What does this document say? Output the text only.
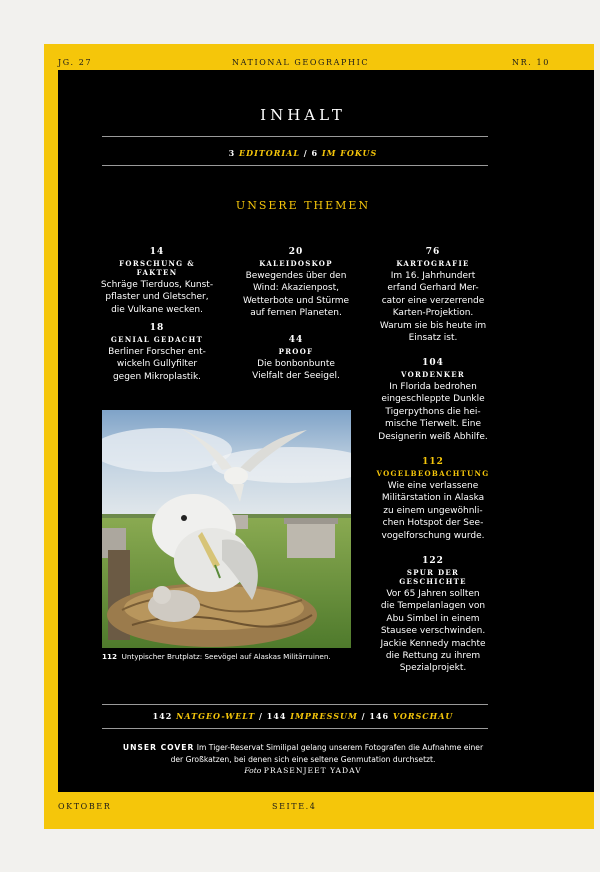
JG. 27	NATIONAL GEOGRAPHIC	NR. 10
INHALT
3 EDITORIAL / 6 IM FOKUS
UNSERE THEMEN
14
FORSCHUNG & FAKTEN
Schräge Tierduos, Kunst-
pflaster und Gletscher,
die Vulkane wecken.
18
GENIAL GEDACHT
Berliner Forscher ent-
wickeln Gullyfilter
gegen Mikroplastik.
20
KALEIDOSKOP
Bewegendes über den
Wind: Akazienpost,
Wetterbote und Stürme
auf fernen Planeten.
44
PROOF
Die bonbonbunte
Vielfalt der Seeigel.
76
KARTOGRAFIE
Im 16. Jahrhundert
erfand Gerhard Mer-
cator eine verzerrende
Karten-Projektion.
Warum sie bis heute im
Einsatz ist.
104
VORDENKER
In Florida bedrohen
eingeschleppte Dunkle
Tigerpythons die hei-
mische Tierwelt. Eine
Designerin weiß Abhilfe.
112
VOGELBEOBACHTUNG
Wie eine verlassene
Militärstation in Alaska
zu einem ungewöhnli-
chen Hotspot der See-
vogelforschung wurde.
122
SPUR DER GESCHICHTE
Vor 65 Jahren sollten
die Tempelanlagen von
Abu Simbel in einem
Stausee verschwinden.
Jackie Kennedy machte
die Rettung zu ihrem
Spezialprojekt.
112 Untypischer Brutplatz: Seevögel auf Alaskas Militärruinen.
142 NATGEO-WELT / 144 IMPRESSUM / 146 VORSCHAU
UNSER COVER Im Tiger-Reservat Similipal gelang unserem Fotografen die Aufnahme einer
der Großkatzen, bei denen sich eine seltene Genmutation durchsetzt.
Foto PRASENJEET YADAV
OKTOBER	SEITE.4
